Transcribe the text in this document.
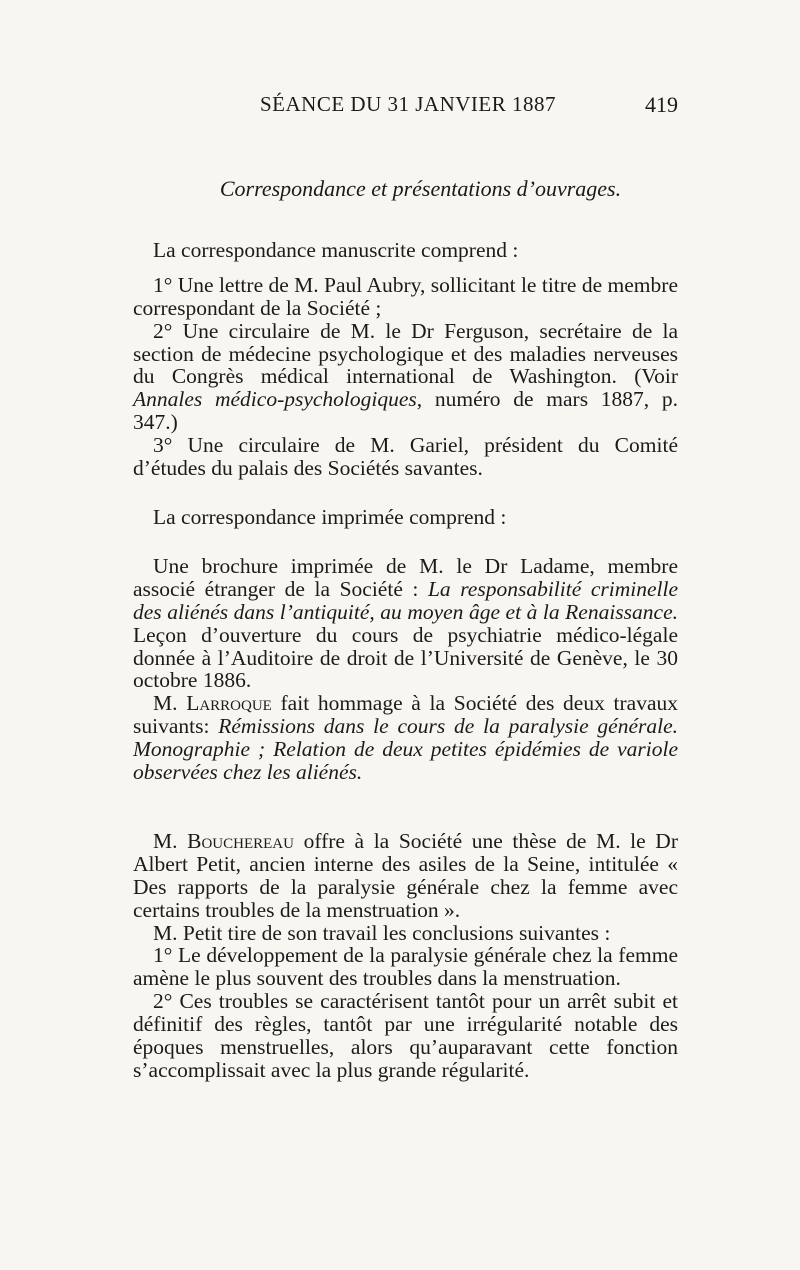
SÉANCE DU 31 JANVIER 1887	419

Correspondance et présentations d’ouvrages.

La correspondance manuscrite comprend :

1° Une lettre de M. Paul Aubry, sollicitant le titre de membre correspondant de la Société ;

2° Une circulaire de M. le Dr Ferguson, secrétaire de la section de médecine psychologique et des maladies nerveuses du Congrès médical international de Washington. (Voir Annales médico-psychologiques, numéro de mars 1887, p. 347.)

3° Une circulaire de M. Gariel, président du Comité d’études du palais des Sociétés savantes.

La correspondance imprimée comprend :

Une brochure imprimée de M. le Dr Ladame, membre associé étranger de la Société : La responsabilité criminelle des aliénés dans l’antiquité, au moyen âge et à la Renaissance. Leçon d’ouverture du cours de psychiatrie médico-légale donnée à l’Auditoire de droit de l’Université de Genève, le 30 octobre 1886.

M. Larroque fait hommage à la Société des deux travaux suivants: Rémissions dans le cours de la paralysie générale. Monographie ; Relation de deux petites épidémies de variole observées chez les aliénés.

M. Bouchereau offre à la Société une thèse de M. le Dr Albert Petit, ancien interne des asiles de la Seine, intitulée « Des rapports de la paralysie générale chez la femme avec certains troubles de la menstruation ».

M. Petit tire de son travail les conclusions suivantes :

1° Le développement de la paralysie générale chez la femme amène le plus souvent des troubles dans la menstruation.

2° Ces troubles se caractérisent tantôt pour un arrêt subit et définitif des règles, tantôt par une irrégularité notable des époques menstruelles, alors qu’auparavant cette fonction s’accomplissait avec la plus grande régularité.
